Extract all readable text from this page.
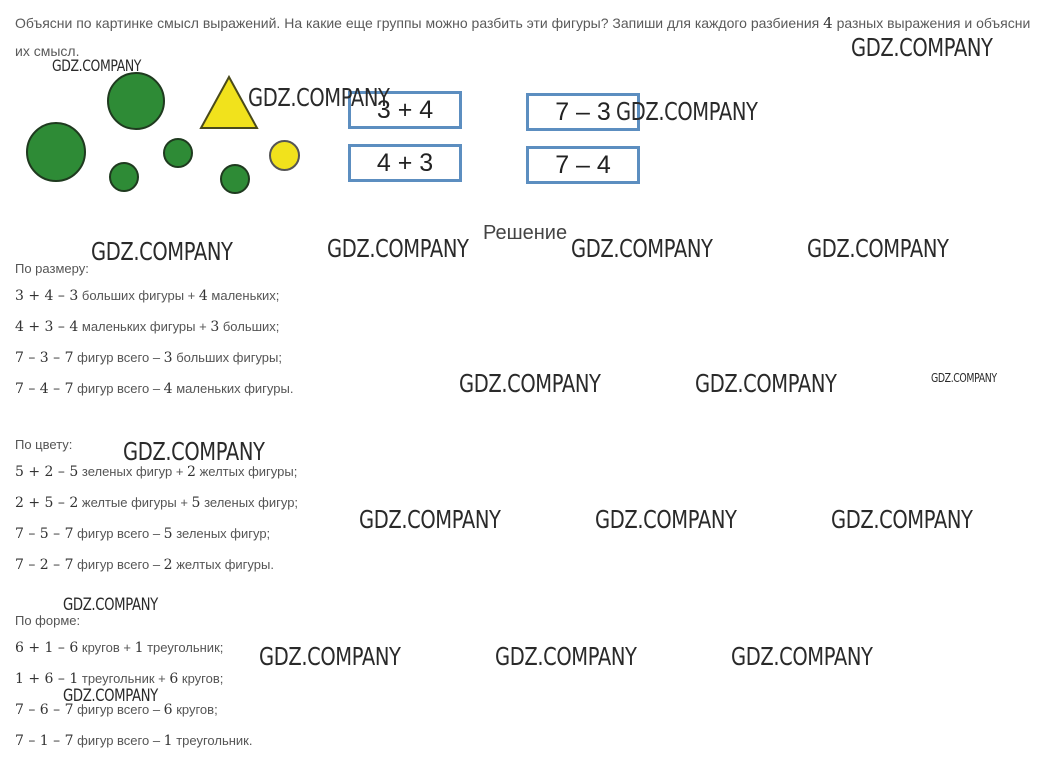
Объясни по картинке смысл выражений. На какие еще группы можно разбить эти фигуры? Запиши для каждого разбиения 4 разных выражения и объясни их смысл.
3 + 4
4 + 3
7 – 3
7 – 4
Решение
По размеру:
3 + 4 – 3 больших фигуры + 4 маленьких;
4 + 3 – 4 маленьких фигуры + 3 больших;
7 – 3 – 7 фигур всего – 3 больших фигуры;
7 – 4 – 7 фигур всего – 4 маленьких фигуры.
По цвету:
5 + 2 – 5 зеленых фигур + 2 желтых фигуры;
2 + 5 – 2 желтые фигуры + 5 зеленых фигур;
7 – 5 – 7 фигур всего – 5 зеленых фигур;
7 – 2 – 7 фигур всего – 2 желтых фигуры.
По форме:
6 + 1 – 6 кругов + 1 треугольник;
1 + 6 – 1 треугольник + 6 кругов;
7 – 6 – 7 фигур всего – 6 кругов;
7 – 1 – 7 фигур всего – 1 треугольник.
GDZ.COMPANY
GDZ.COMPANY
GDZ.COMPANY	GDZ.COMPANY
GDZ.COMPANY	GDZ.COMPANY	GDZ.COMPANY	GDZ.COMPANY
GDZ.COMPANY	GDZ.COMPANY	GDZ.COMPANY
GDZ.COMPANY
GDZ.COMPANY	GDZ.COMPANY	GDZ.COMPANY
GDZ.COMPANY
GDZ.COMPANY	GDZ.COMPANY	GDZ.COMPANY
GDZ.COMPANY
